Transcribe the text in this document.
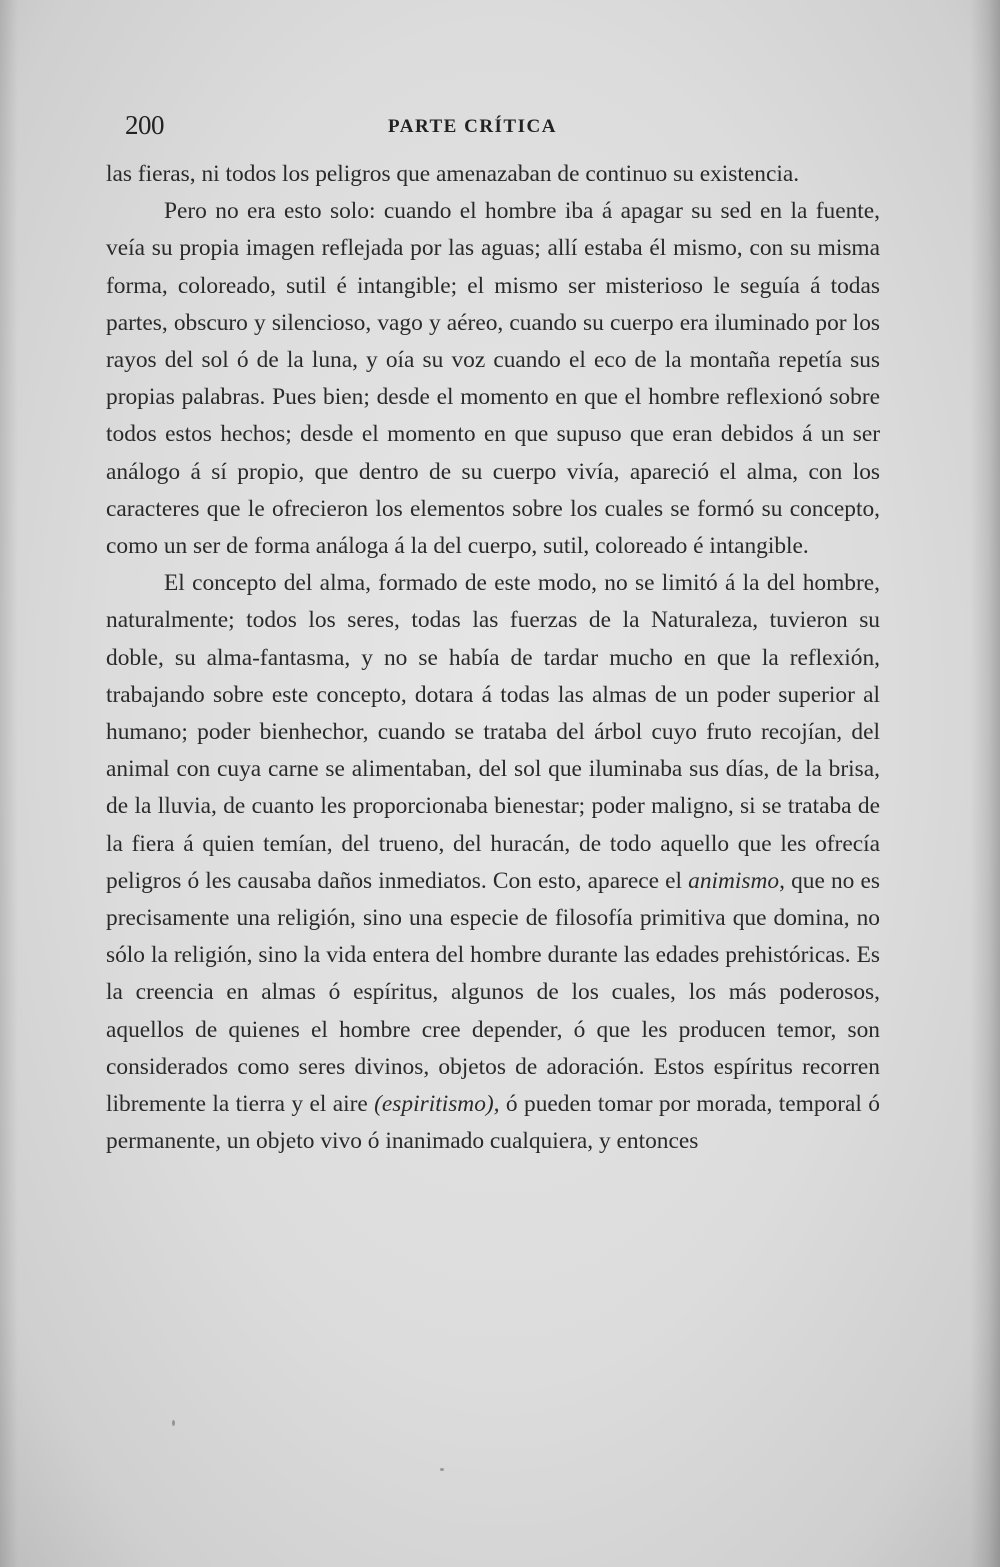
200	PARTE CRÍTICA

las fieras, ni todos los peligros que amenazaban de continuo su existencia.

Pero no era esto solo: cuando el hombre iba á apagar su sed en la fuente, veía su propia imagen reflejada por las aguas; allí estaba él mismo, con su misma forma, coloreado, sutil é intangible; el mismo ser misterioso le seguía á todas partes, obscuro y silencioso, vago y aéreo, cuando su cuerpo era iluminado por los rayos del sol ó de la luna, y oía su voz cuando el eco de la montaña repetía sus propias palabras. Pues bien; desde el momento en que el hombre reflexionó sobre todos estos hechos; desde el momento en que supuso que eran debidos á un ser análogo á sí propio, que dentro de su cuerpo vivía, apareció el alma, con los caracteres que le ofrecieron los elementos sobre los cuales se formó su concepto, como un ser de forma análoga á la del cuerpo, sutil, coloreado é intangible.

El concepto del alma, formado de este modo, no se limitó á la del hombre, naturalmente; todos los seres, todas las fuerzas de la Naturaleza, tuvieron su doble, su alma-fantasma, y no se había de tardar mucho en que la reflexión, trabajando sobre este concepto, dotara á todas las almas de un poder superior al humano; poder bienhechor, cuando se trataba del árbol cuyo fruto recojían, del animal con cuya carne se alimentaban, del sol que iluminaba sus días, de la brisa, de la lluvia, de cuanto les proporcionaba bienestar; poder maligno, si se trataba de la fiera á quien temían, del trueno, del huracán, de todo aquello que les ofrecía peligros ó les causaba daños inmediatos. Con esto, aparece el animismo, que no es precisamente una religión, sino una especie de filosofía primitiva que domina, no sólo la religión, sino la vida entera del hombre durante las edades prehistóricas. Es la creencia en almas ó espíritus, algunos de los cuales, los más poderosos, aquellos de quienes el hombre cree depender, ó que les producen temor, son considerados como seres divinos, objetos de adoración. Estos espíritus recorren libremente la tierra y el aire (espiritismo), ó pueden tomar por morada, temporal ó permanente, un objeto vivo ó inanimado cualquiera, y entonces
